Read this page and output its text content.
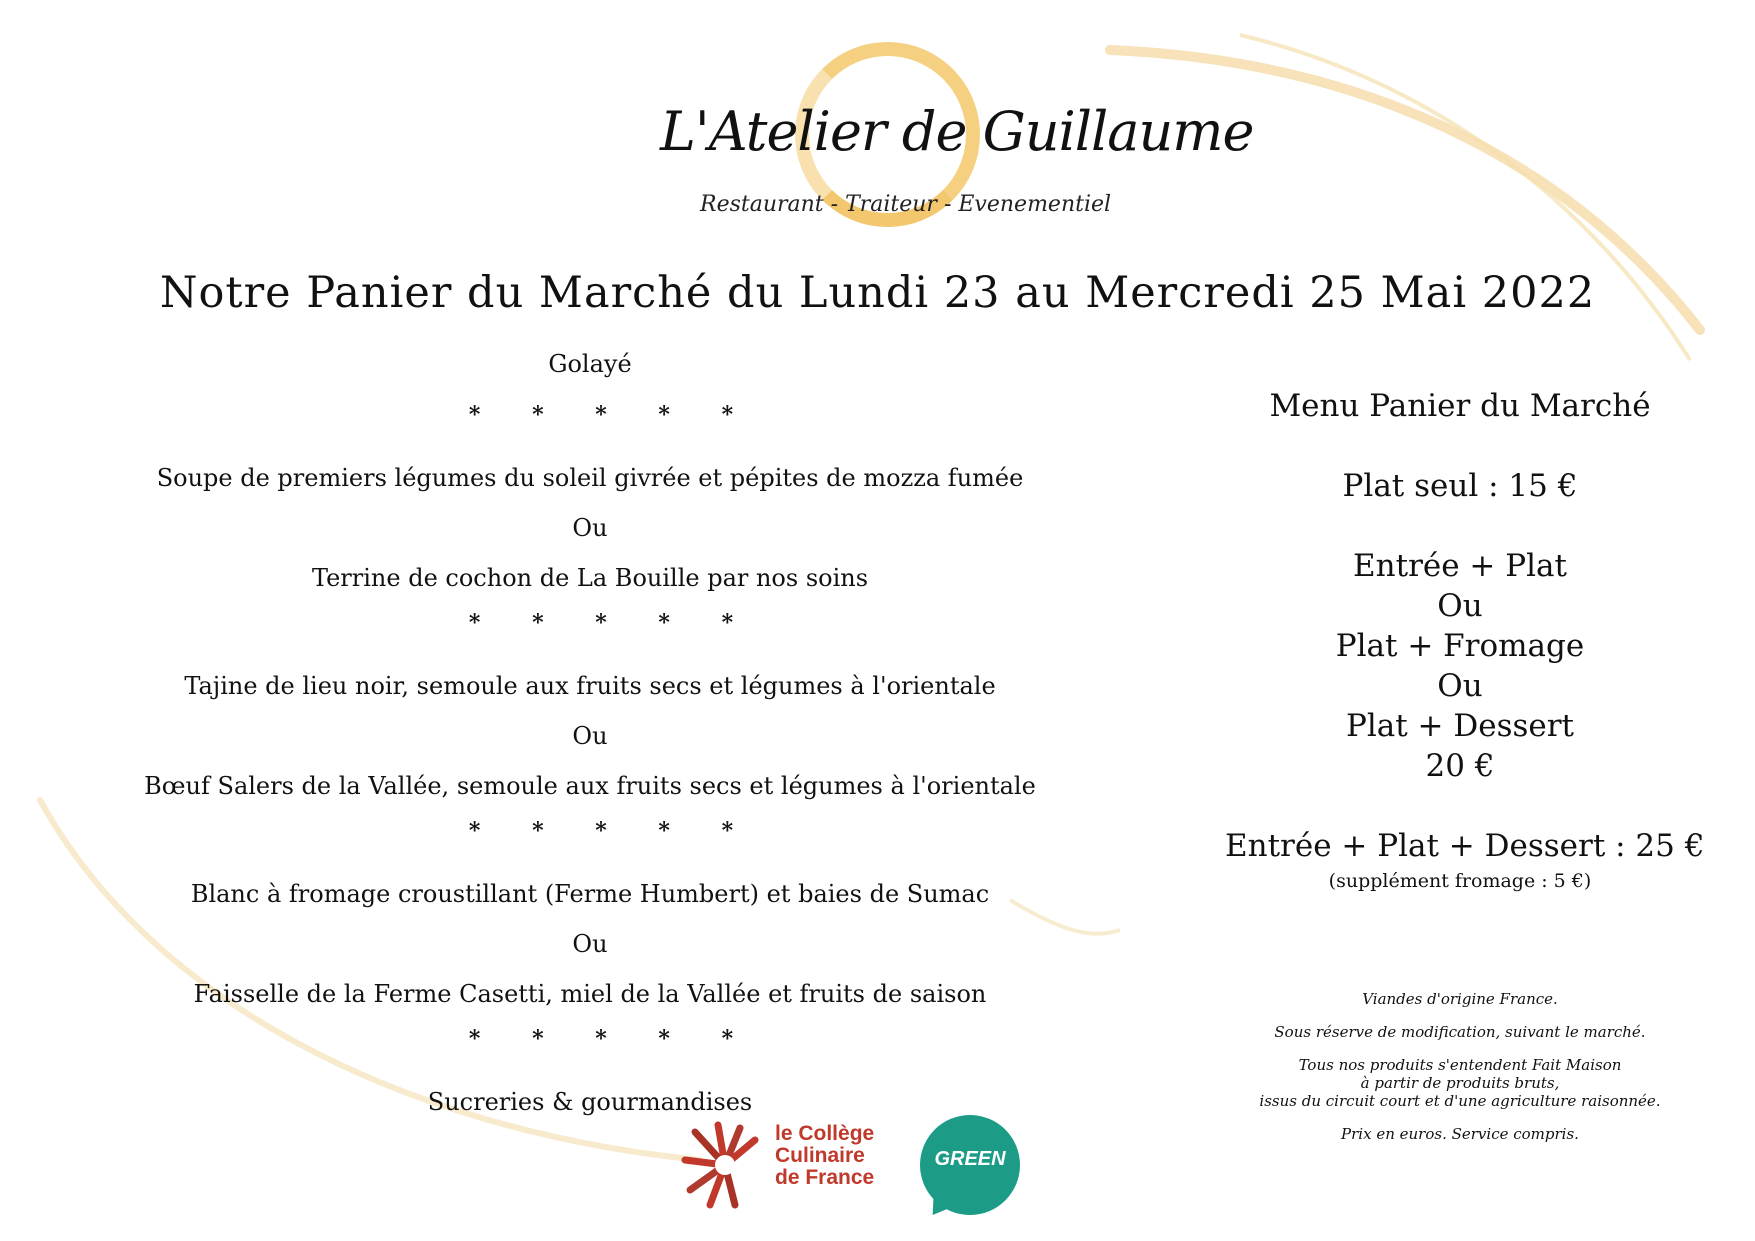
L'Atelier de Guillaume
Restaurant - Traiteur - Evenementiel
Notre Panier du Marché du Lundi 23 au Mercredi 25 Mai 2022
Golayé
* * * * *
Soupe de premiers légumes du soleil givrée et pépites de mozza fumée
Ou
Terrine de cochon de La Bouille par nos soins
* * * * *
Tajine de lieu noir, semoule aux fruits secs et légumes à l'orientale
Ou
Bœuf Salers de la Vallée, semoule aux fruits secs et légumes à l'orientale
* * * * *
Blanc à fromage croustillant (Ferme Humbert) et baies de Sumac
Ou
Faisselle de la Ferme Casetti, miel de la Vallée et fruits de saison
* * * * *
Sucreries & gourmandises
Menu Panier du Marché
Plat seul : 15 €
Entrée + Plat
Ou
Plat + Fromage
Ou
Plat + Dessert
20 €
Entrée + Plat + Dessert : 25 €
(supplément fromage : 5 €)
Viandes d'origine France.
Sous réserve de modification, suivant le marché.
Tous nos produits s'entendent Fait Maison
à partir de produits bruts,
issus du circuit court et d'une agriculture raisonnée.
Prix en euros. Service compris.
le Collège
Culinaire
de France
GREEN
